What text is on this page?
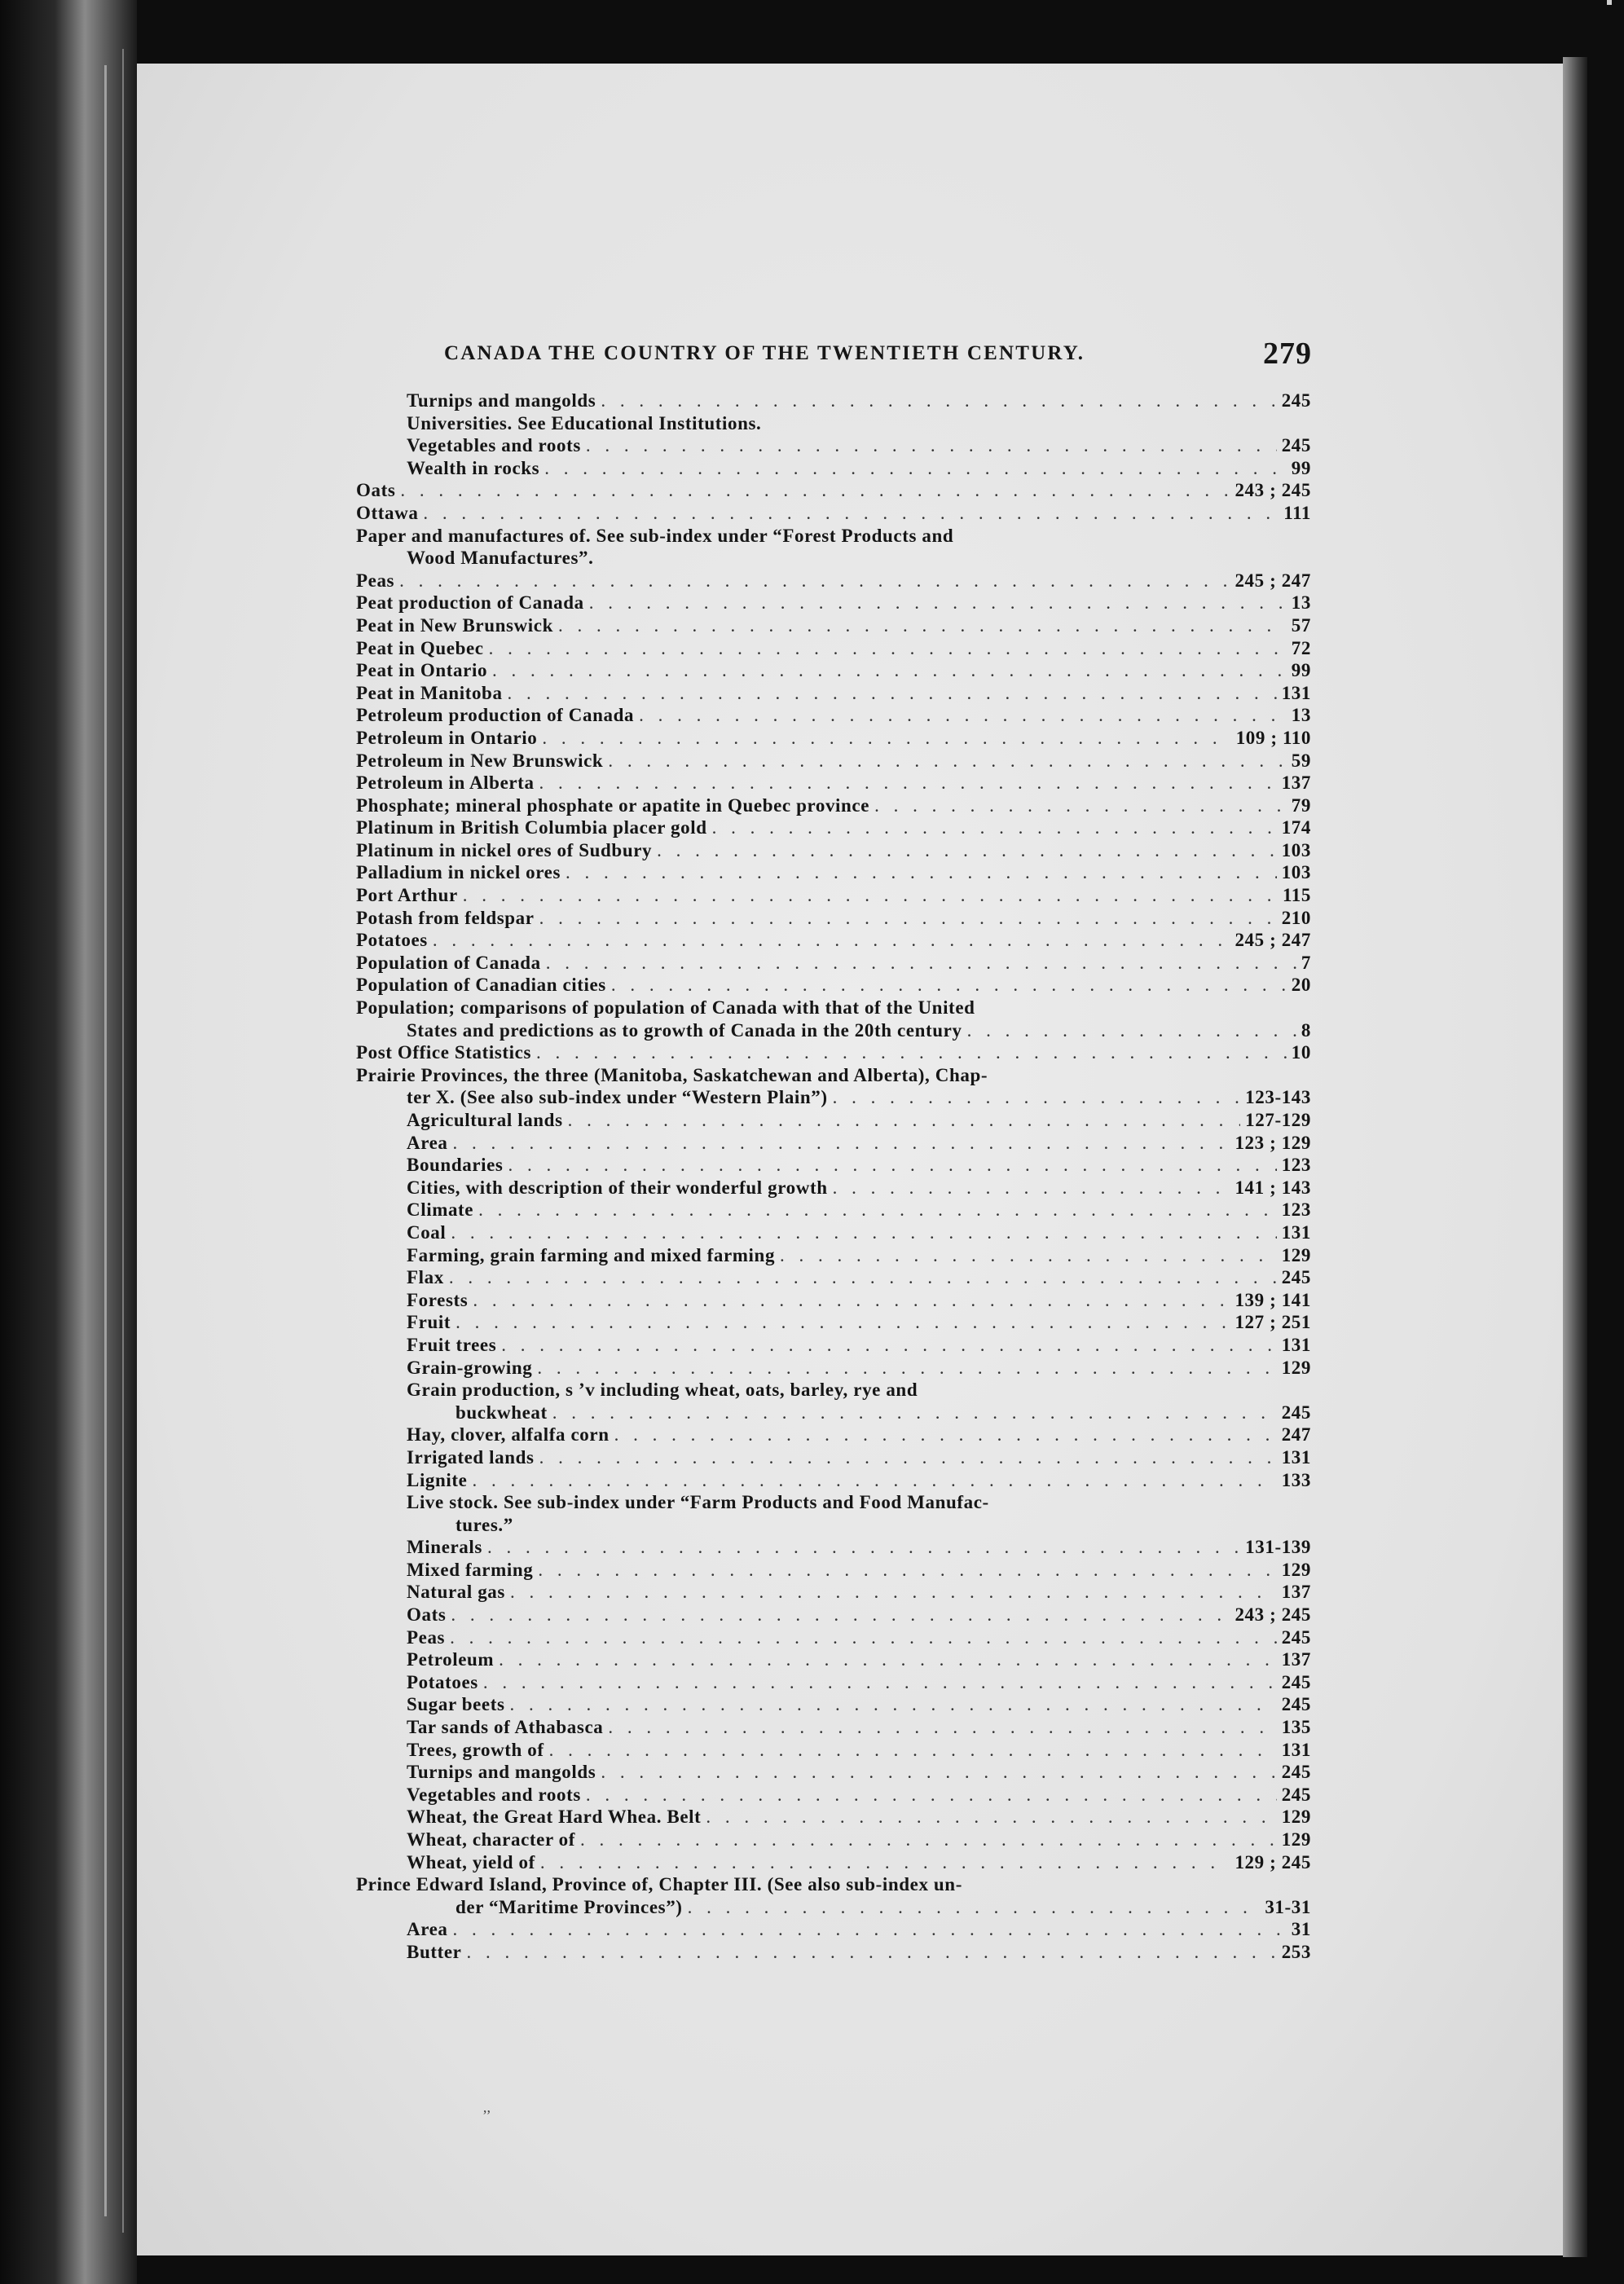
CANADA THE COUNTRY OF THE TWENTIETH CENTURY.	279
Turnips and mangolds . . .	245
Universities. See Educational Institutions.
Vegetables and roots . . .	245
Wealth in rocks . . .	99
Oats . . .	243 ; 245
Ottawa . . .	111
Paper and manufactures of. See sub-index under “Forest Products and
Wood Manufactures”.
Peas . . .	245 ; 247
Peat production of Canada . . .	13
Peat in New Brunswick . . .	57
Peat in Quebec . . .	72
Peat in Ontario . . .	99
Peat in Manitoba . . .	131
Petroleum production of Canada . . .	13
Petroleum in Ontario . . .	109 ; 110
Petroleum in New Brunswick . . .	59
Petroleum in Alberta . . .	137
Phosphate; mineral phosphate or apatite in Quebec province . . .	79
Platinum in British Columbia placer gold . . .	174
Platinum in nickel ores of Sudbury . . .	103
Palladium in nickel ores . . .	103
Port Arthur . . .	115
Potash from feldspar . . .	210
Potatoes . . .	245 ; 247
Population of Canada . . .	7
Population of Canadian cities . . .	20
Population; comparisons of population of Canada with that of the United
States and predictions as to growth of Canada in the 20th century . . .	8
Post Office Statistics . . .	10
Prairie Provinces, the three (Manitoba, Saskatchewan and Alberta), Chap-
ter X. (See also sub-index under “Western Plain”) . . .	123-143
Agricultural lands . . .	127-129
Area . . .	123 ; 129
Boundaries . . .	123
Cities, with description of their wonderful growth . . .	141 ; 143
Climate . . .	123
Coal . . .	131
Farming, grain farming and mixed farming . . .	129
Flax . . .	245
Forests . . .	139 ; 141
Fruit . . .	127 ; 251
Fruit trees . . .	131
Grain-growing . . .	129
Grain production, s ’v including wheat, oats, barley, rye and
buckwheat . . .	245
Hay, clover, alfalfa corn . . .	247
Irrigated lands . . .	131
Lignite . . .	133
Live stock. See sub-index under “Farm Products and Food Manufac-
tures.”
Minerals . . .	131-139
Mixed farming . . .	129
Natural gas . . .	137
Oats . . .	243 ; 245
Peas . . .	245
Petroleum . . .	137
Potatoes . . .	245
Sugar beets . . .	245
Tar sands of Athabasca . . .	135
Trees, growth of . . .	131
Turnips and mangolds . . .	245
Vegetables and roots . . .	245
Wheat, the Great Hard Whea. Belt . . .	129
Wheat, character of . . .	129
Wheat, yield of . . .	129 ; 245
Prince Edward Island, Province of, Chapter III. (See also sub-index un-
der “Maritime Provinces”) . . .	31-31
Area . . .	31
Butter . . .	253
’’
